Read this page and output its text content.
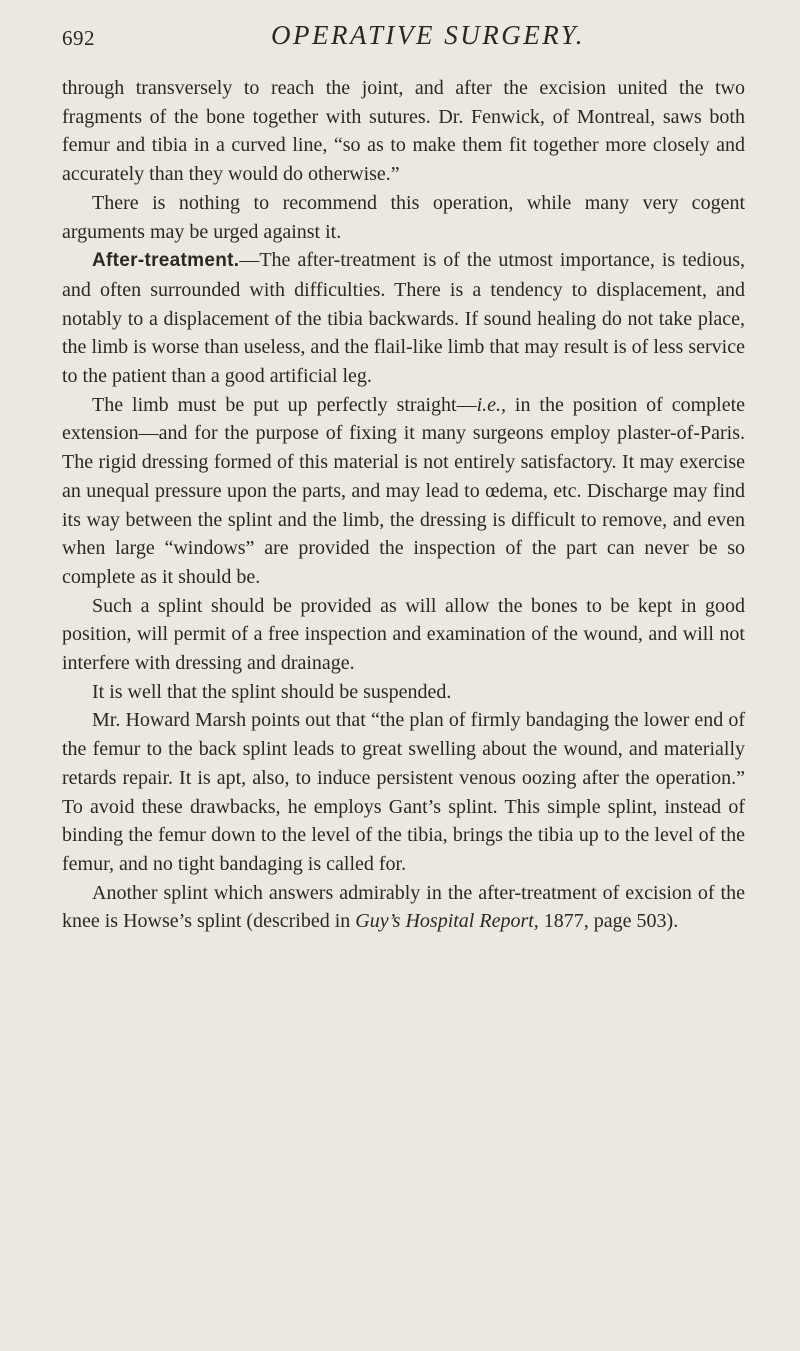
692	OPERATIVE SURGERY.

through transversely to reach the joint, and after the excision united the two fragments of the bone together with sutures. Dr. Fenwick, of Montreal, saws both femur and tibia in a curved line, “so as to make them fit together more closely and accurately than they would do otherwise.”

There is nothing to recommend this operation, while many very cogent arguments may be urged against it.

After-treatment.—The after-treatment is of the utmost importance, is tedious, and often surrounded with difficulties. There is a tendency to displacement, and notably to a displacement of the tibia backwards. If sound healing do not take place, the limb is worse than useless, and the flail-like limb that may result is of less service to the patient than a good artificial leg.

The limb must be put up perfectly straight—i.e., in the position of complete extension—and for the purpose of fixing it many surgeons employ plaster-of-Paris. The rigid dressing formed of this material is not entirely satisfactory. It may exercise an unequal pressure upon the parts, and may lead to œdema, etc. Discharge may find its way between the splint and the limb, the dressing is difficult to remove, and even when large “windows” are provided the inspection of the part can never be so complete as it should be.

Such a splint should be provided as will allow the bones to be kept in good position, will permit of a free inspection and examination of the wound, and will not interfere with dressing and drainage.

It is well that the splint should be suspended.

Mr. Howard Marsh points out that “the plan of firmly bandaging the lower end of the femur to the back splint leads to great swelling about the wound, and materially retards repair. It is apt, also, to induce persistent venous oozing after the operation.” To avoid these drawbacks, he employs Gant’s splint. This simple splint, instead of binding the femur down to the level of the tibia, brings the tibia up to the level of the femur, and no tight bandaging is called for.

Another splint which answers admirably in the after-treatment of excision of the knee is Howse’s splint (described in Guy’s Hospital Report, 1877, page 503).
